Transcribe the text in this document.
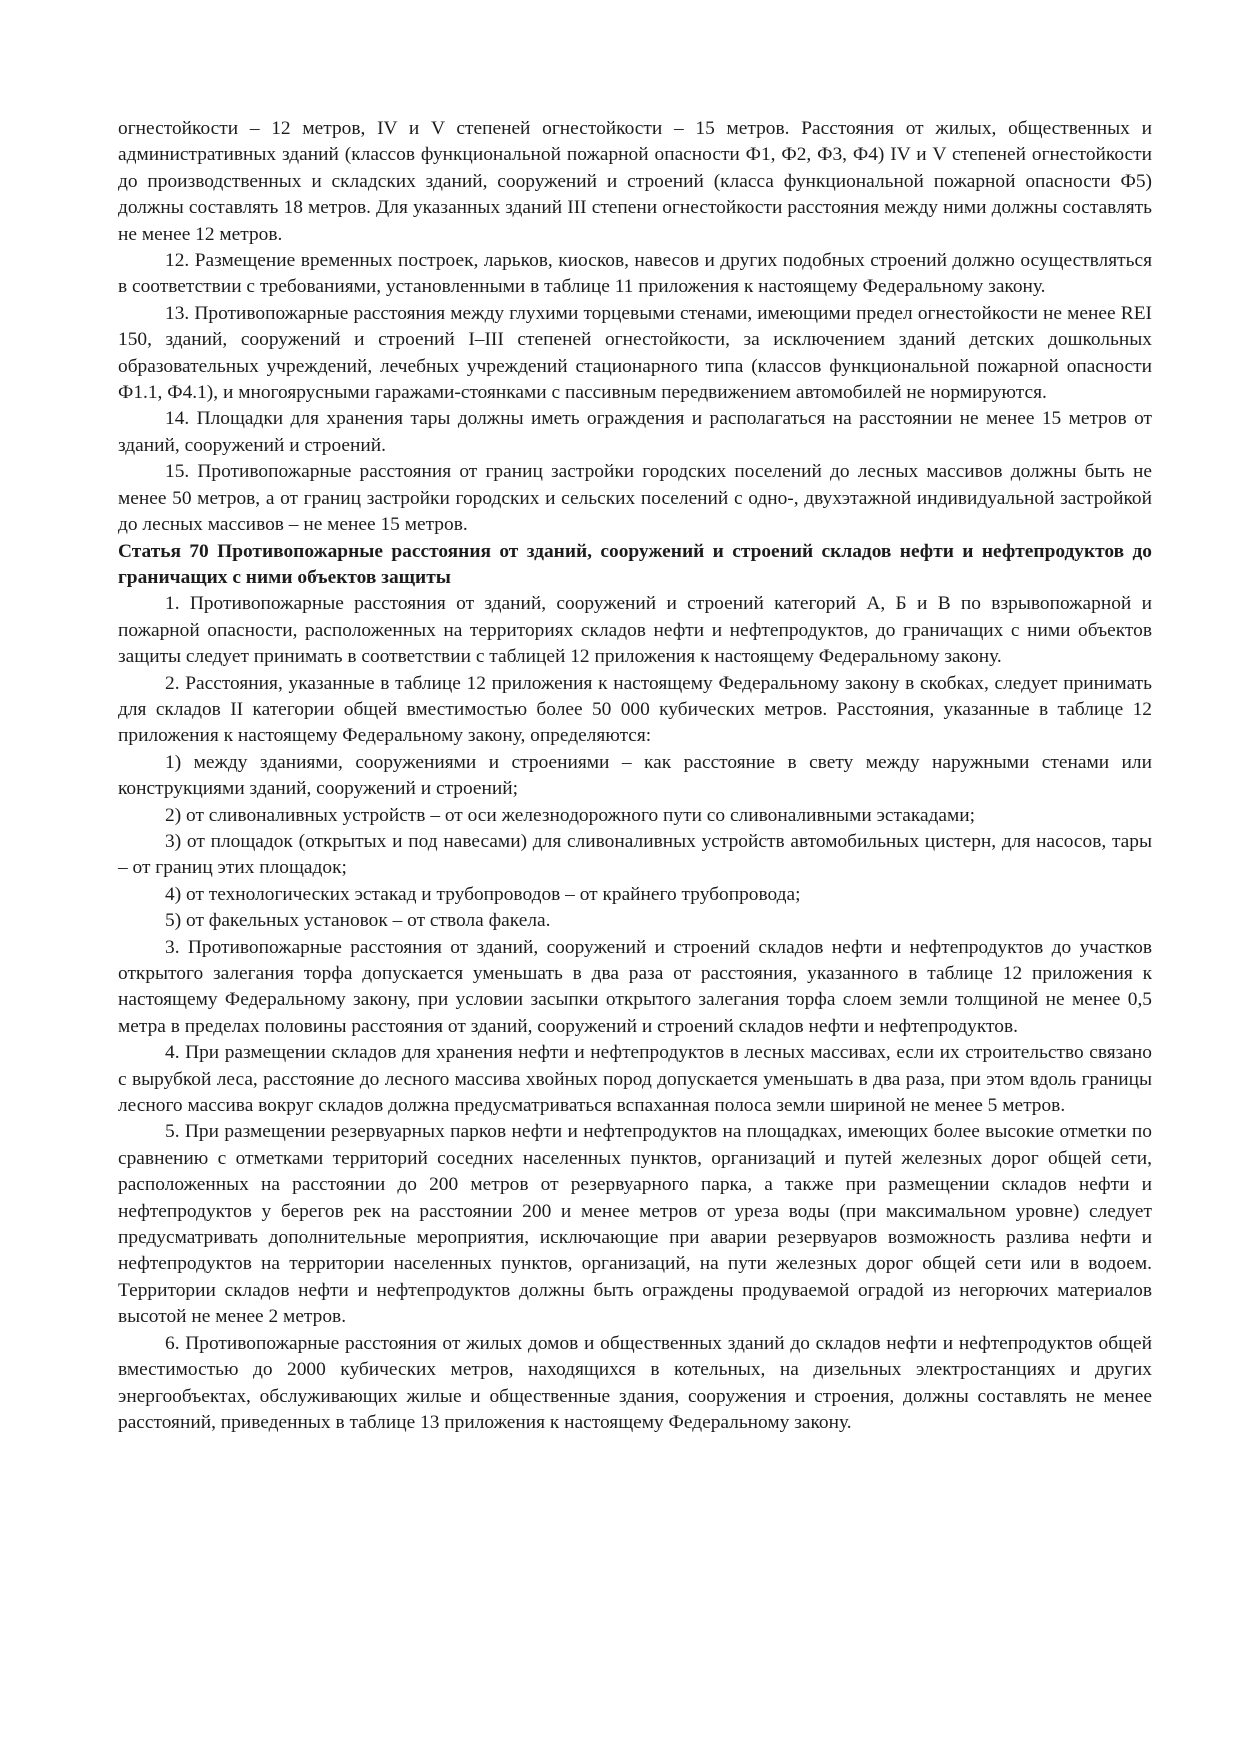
огнестойкости – 12 метров, IV и V степеней огнестойкости – 15 метров. Расстояния от жилых, общественных и административных зданий (классов функциональной пожарной опасности Ф1, Ф2, Ф3, Ф4) IV и V степеней огнестойкости до производственных и складских зданий, сооружений и строений (класса функциональной пожарной опасности Ф5) должны составлять 18 метров. Для указанных зданий III степени огнестойкости расстояния между ними должны составлять не менее 12 метров.

12. Размещение временных построек, ларьков, киосков, навесов и других подобных строений должно осуществляться в соответствии с требованиями, установленными в таблице 11 приложения к настоящему Федеральному закону.

13. Противопожарные расстояния между глухими торцевыми стенами, имеющими предел огнестойкости не менее REI 150, зданий, сооружений и строений I–III степеней огнестойкости, за исключением зданий детских дошкольных образовательных учреждений, лечебных учреждений стационарного типа (классов функциональной пожарной опасности Ф1.1, Ф4.1), и многоярусными гаражами-стоянками с пассивным передвижением автомобилей не нормируются.

14. Площадки для хранения тары должны иметь ограждения и располагаться на расстоянии не менее 15 метров от зданий, сооружений и строений.

15. Противопожарные расстояния от границ застройки городских поселений до лесных массивов должны быть не менее 50 метров, а от границ застройки городских и сельских поселений с одно-, двухэтажной индивидуальной застройкой до лесных массивов – не менее 15 метров.

Статья 70 Противопожарные расстояния от зданий, сооружений и строений складов нефти и нефтепродуктов до граничащих с ними объектов защиты

1. Противопожарные расстояния от зданий, сооружений и строений категорий А, Б и В по взрывопожарной и пожарной опасности, расположенных на территориях складов нефти и нефтепродуктов, до граничащих с ними объектов защиты следует принимать в соответствии с таблицей 12 приложения к настоящему Федеральному закону.

2. Расстояния, указанные в таблице 12 приложения к настоящему Федеральному закону в скобках, следует принимать для складов II категории общей вместимостью более 50 000 кубических метров. Расстояния, указанные в таблице 12 приложения к настоящему Федеральному закону, определяются:

1) между зданиями, сооружениями и строениями – как расстояние в свету между наружными стенами или конструкциями зданий, сооружений и строений;

2) от сливоналивных устройств – от оси железнодорожного пути со сливоналивными эстакадами;

3) от площадок (открытых и под навесами) для сливоналивных устройств автомобильных цистерн, для насосов, тары – от границ этих площадок;

4) от технологических эстакад и трубопроводов – от крайнего трубопровода;

5) от факельных установок – от ствола факела.

3. Противопожарные расстояния от зданий, сооружений и строений складов нефти и нефтепродуктов до участков открытого залегания торфа допускается уменьшать в два раза от расстояния, указанного в таблице 12 приложения к настоящему Федеральному закону, при условии засыпки открытого залегания торфа слоем земли толщиной не менее 0,5 метра в пределах половины расстояния от зданий, сооружений и строений складов нефти и нефтепродуктов.

4. При размещении складов для хранения нефти и нефтепродуктов в лесных массивах, если их строительство связано с вырубкой леса, расстояние до лесного массива хвойных пород допускается уменьшать в два раза, при этом вдоль границы лесного массива вокруг складов должна предусматриваться вспаханная полоса земли шириной не менее 5 метров.

5. При размещении резервуарных парков нефти и нефтепродуктов на площадках, имеющих более высокие отметки по сравнению с отметками территорий соседних населенных пунктов, организаций и путей железных дорог общей сети, расположенных на расстоянии до 200 метров от резервуарного парка, а также при размещении складов нефти и нефтепродуктов у берегов рек на расстоянии 200 и менее метров от уреза воды (при максимальном уровне) следует предусматривать дополнительные мероприятия, исключающие при аварии резервуаров возможность разлива нефти и нефтепродуктов на территории населенных пунктов, организаций, на пути железных дорог общей сети или в водоем. Территории складов нефти и нефтепродуктов должны быть ограждены продуваемой оградой из негорючих материалов высотой не менее 2 метров.

6. Противопожарные расстояния от жилых домов и общественных зданий до складов нефти и нефтепродуктов общей вместимостью до 2000 кубических метров, находящихся в котельных, на дизельных электростанциях и других энергообъектах, обслуживающих жилые и общественные здания, сооружения и строения, должны составлять не менее расстояний, приведенных в таблице 13 приложения к настоящему Федеральному закону.
